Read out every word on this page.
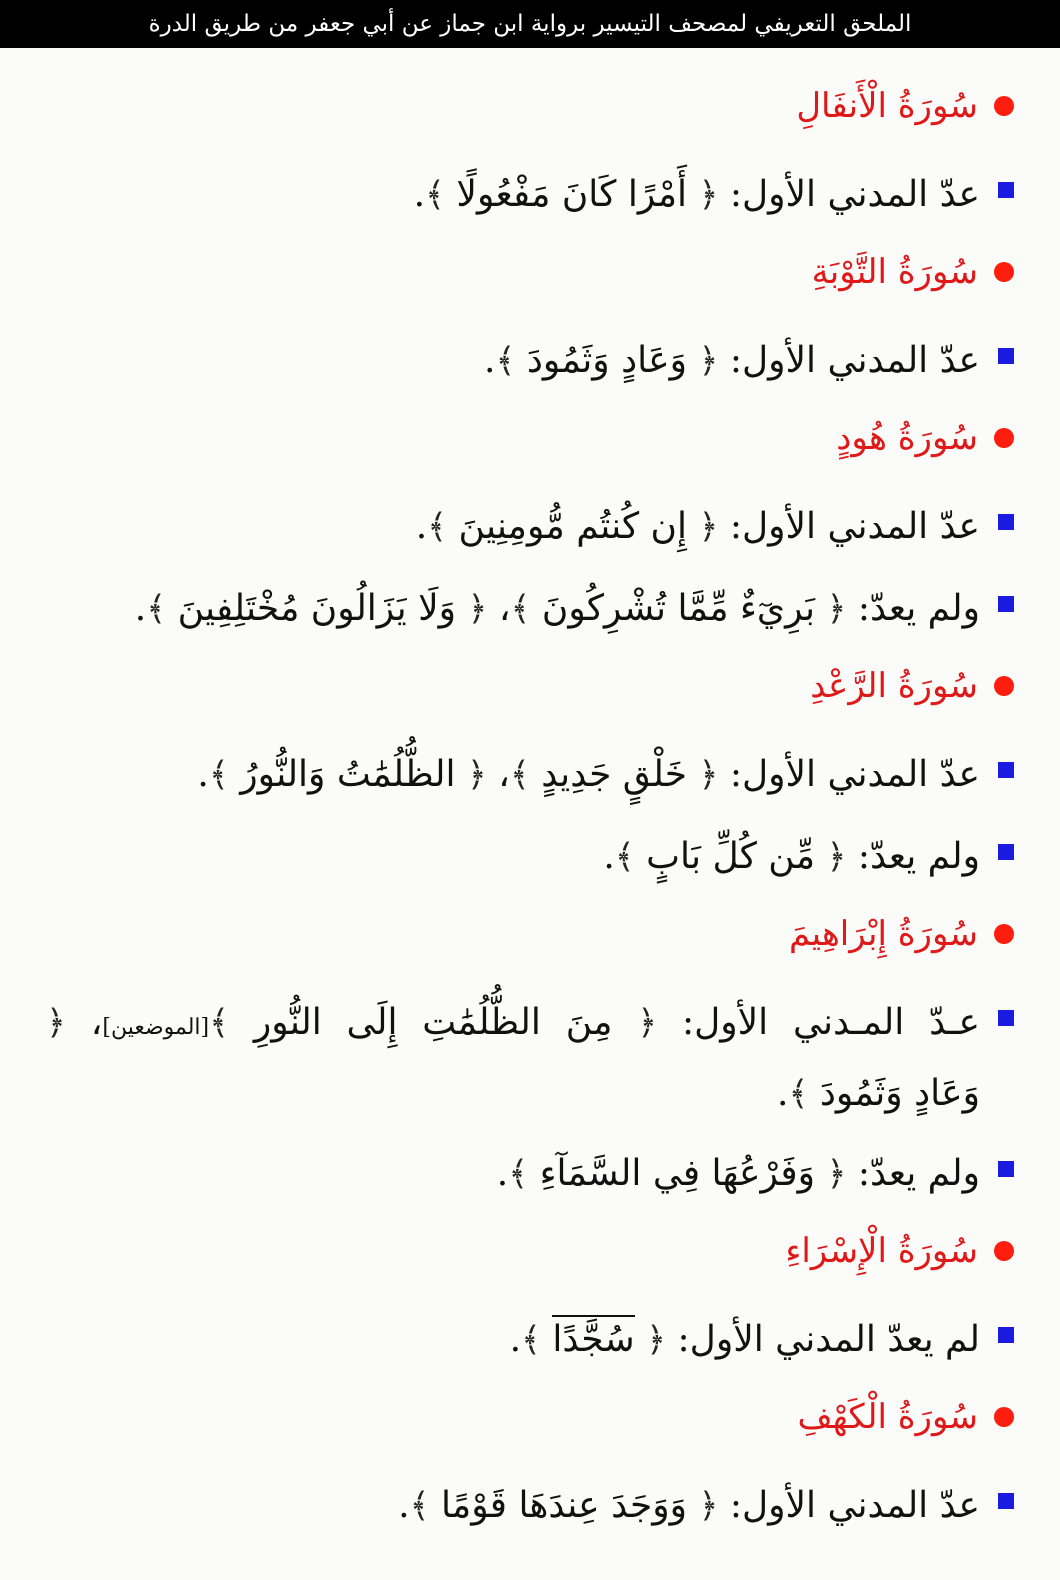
الملحق التعريفي لمصحف التيسير برواية ابن جماز عن أبي جعفر من طريق الدرة
سُورَةُ الْأَنفَالِ
عدّ المدني الأول: ﴿ أَمْرًا كَانَ مَفْعُولًا ﴾.
سُورَةُ التَّوْبَةِ
عدّ المدني الأول: ﴿ وَعَادٍ وَثَمُودَ ﴾.
سُورَةُ هُودٍ
عدّ المدني الأول: ﴿ إِن كُنتُم مُّومِنِينَ ﴾.
ولم يعدّ: ﴿ بَرِيٓءٌ مِّمَّا تُشْرِكُونَ ﴾، ﴿ وَلَا يَزَالُونَ مُخْتَلِفِينَ ﴾.
سُورَةُ الرَّعْدِ
عدّ المدني الأول: ﴿ خَلْقٍ جَدِيدٍ ﴾، ﴿ الظُّلُمَٰتُ وَالنُّورُ ﴾.
ولم يعدّ: ﴿ مِّن كُلِّ بَابٍ ﴾.
سُورَةُ إِبْرَاهِيمَ
عـدّ المـدني الأول: ﴿ مِنَ الظُّلُمَٰتِ إِلَى النُّورِ ﴾[الموضعين]، ﴿ وَعَادٍ وَثَمُودَ ﴾.
ولم يعدّ: ﴿ وَفَرْعُهَا فِي السَّمَآءِ ﴾.
سُورَةُ الْإِسْرَاءِ
لم يعدّ المدني الأول: ﴿ سُجَّدًا ﴾.
سُورَةُ الْكَهْفِ
عدّ المدني الأول: ﴿ وَوَجَدَ عِندَهَا قَوْمًا ﴾.
